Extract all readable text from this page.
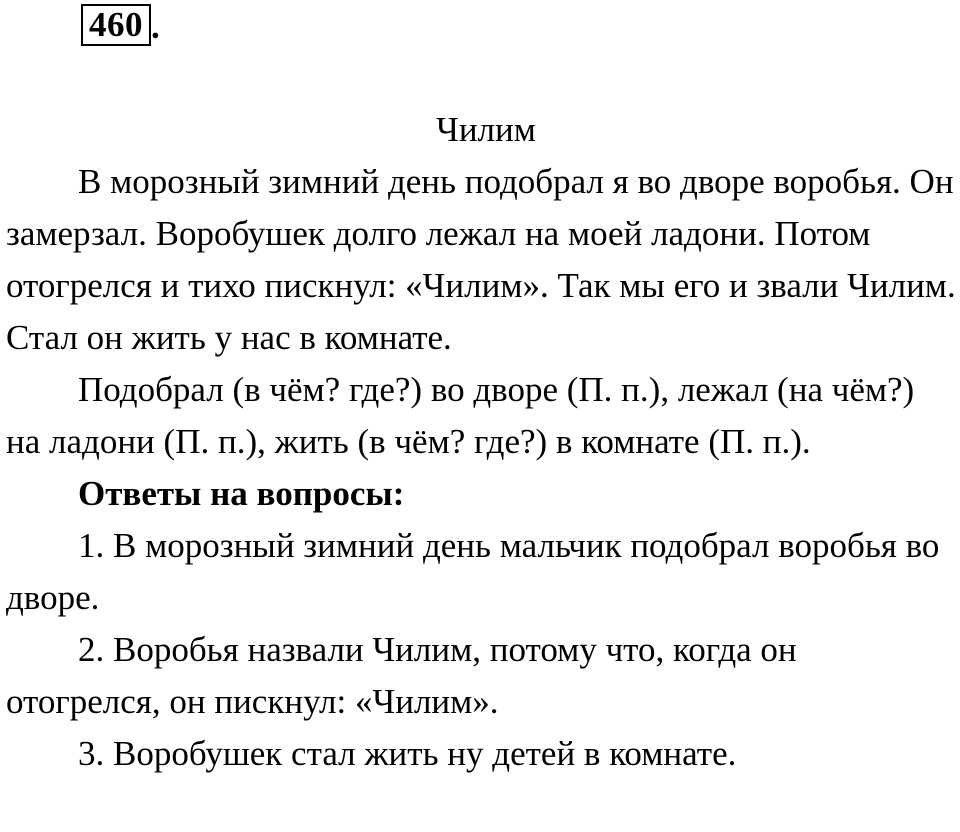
460 .

Чилим

В морозный зимний день подобрал я во дворе воробья. Он замерзал. Воробушек долго лежал на моей ладони. Потом отогрелся и тихо пискнул: «Чилим». Так мы его и звали Чилим. Стал он жить у нас в комнате.

Подобрал (в чём? где?) во дворе (П. п.), лежал (на чём?) на ладони (П. п.), жить (в чём? где?) в комнате (П. п.).

Ответы на вопросы:

1. В морозный зимний день мальчик подобрал воробья во дворе.

2. Воробья назвали Чилим, потому что, когда он отогрелся, он пискнул: «Чилим».

3. Воробушек стал жить ну детей в комнате.
